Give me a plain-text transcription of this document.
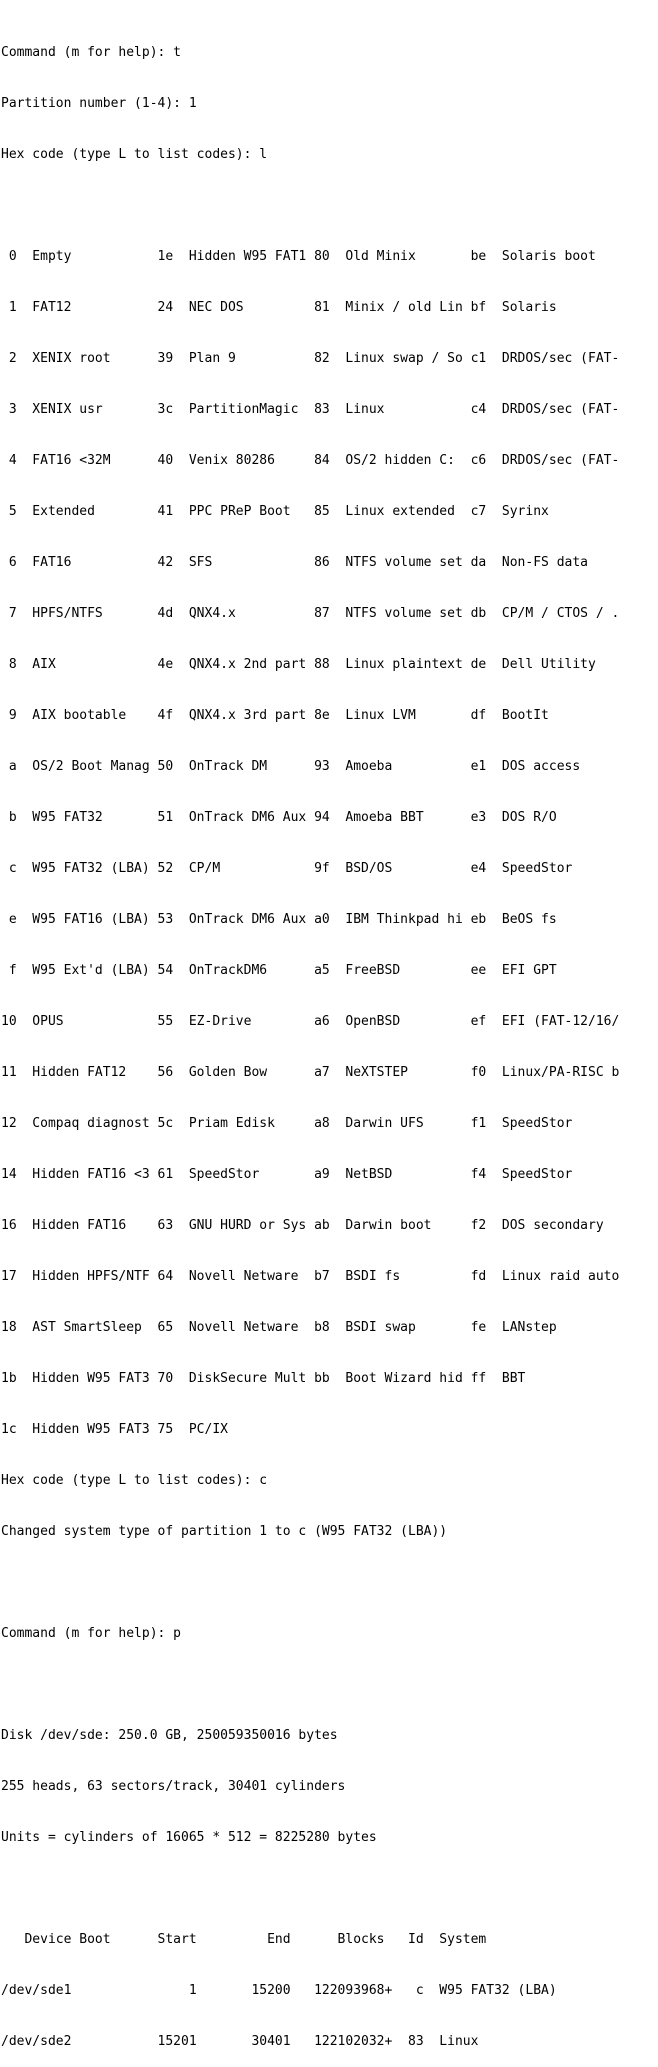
Command (m for help): t

Partition number (1-4): 1

Hex code (type L to list codes): l

0  Empty           1e  Hidden W95 FAT1 80  Old Minix       be  Solaris boot

1  FAT12           24  NEC DOS         81  Minix / old Lin bf  Solaris

2  XENIX root      39  Plan 9          82  Linux swap / So c1  DRDOS/sec (FAT-

3  XENIX usr       3c  PartitionMagic  83  Linux           c4  DRDOS/sec (FAT-

4  FAT16 <32M      40  Venix 80286     84  OS/2 hidden C:  c6  DRDOS/sec (FAT-

5  Extended        41  PPC PReP Boot   85  Linux extended  c7  Syrinx

6  FAT16           42  SFS             86  NTFS volume set da  Non-FS data

7  HPFS/NTFS       4d  QNX4.x          87  NTFS volume set db  CP/M / CTOS / .

8  AIX             4e  QNX4.x 2nd part 88  Linux plaintext de  Dell Utility

9  AIX bootable    4f  QNX4.x 3rd part 8e  Linux LVM       df  BootIt

a  OS/2 Boot Manag 50  OnTrack DM      93  Amoeba          e1  DOS access

b  W95 FAT32       51  OnTrack DM6 Aux 94  Amoeba BBT      e3  DOS R/O

c  W95 FAT32 (LBA) 52  CP/M            9f  BSD/OS          e4  SpeedStor

e  W95 FAT16 (LBA) 53  OnTrack DM6 Aux a0  IBM Thinkpad hi eb  BeOS fs

f  W95 Ext'd (LBA) 54  OnTrackDM6      a5  FreeBSD         ee  EFI GPT

10  OPUS            55  EZ-Drive        a6  OpenBSD         ef  EFI (FAT-12/16/

11  Hidden FAT12    56  Golden Bow      a7  NeXTSTEP        f0  Linux/PA-RISC b

12  Compaq diagnost 5c  Priam Edisk     a8  Darwin UFS      f1  SpeedStor

14  Hidden FAT16 <3 61  SpeedStor       a9  NetBSD          f4  SpeedStor

16  Hidden FAT16    63  GNU HURD or Sys ab  Darwin boot     f2  DOS secondary

17  Hidden HPFS/NTF 64  Novell Netware  b7  BSDI fs         fd  Linux raid auto

18  AST SmartSleep  65  Novell Netware  b8  BSDI swap       fe  LANstep

1b  Hidden W95 FAT3 70  DiskSecure Mult bb  Boot Wizard hid ff  BBT

1c  Hidden W95 FAT3 75  PC/IX

Hex code (type L to list codes): c

Changed system type of partition 1 to c (W95 FAT32 (LBA))

Command (m for help): p

Disk /dev/sde: 250.0 GB, 250059350016 bytes

255 heads, 63 sectors/track, 30401 cylinders

Units = cylinders of 16065 * 512 = 8225280 bytes

Device Boot      Start         End      Blocks   Id  System

/dev/sde1               1       15200   122093968+   c  W95 FAT32 (LBA)

/dev/sde2           15201       30401   122102032+  83  Linux
